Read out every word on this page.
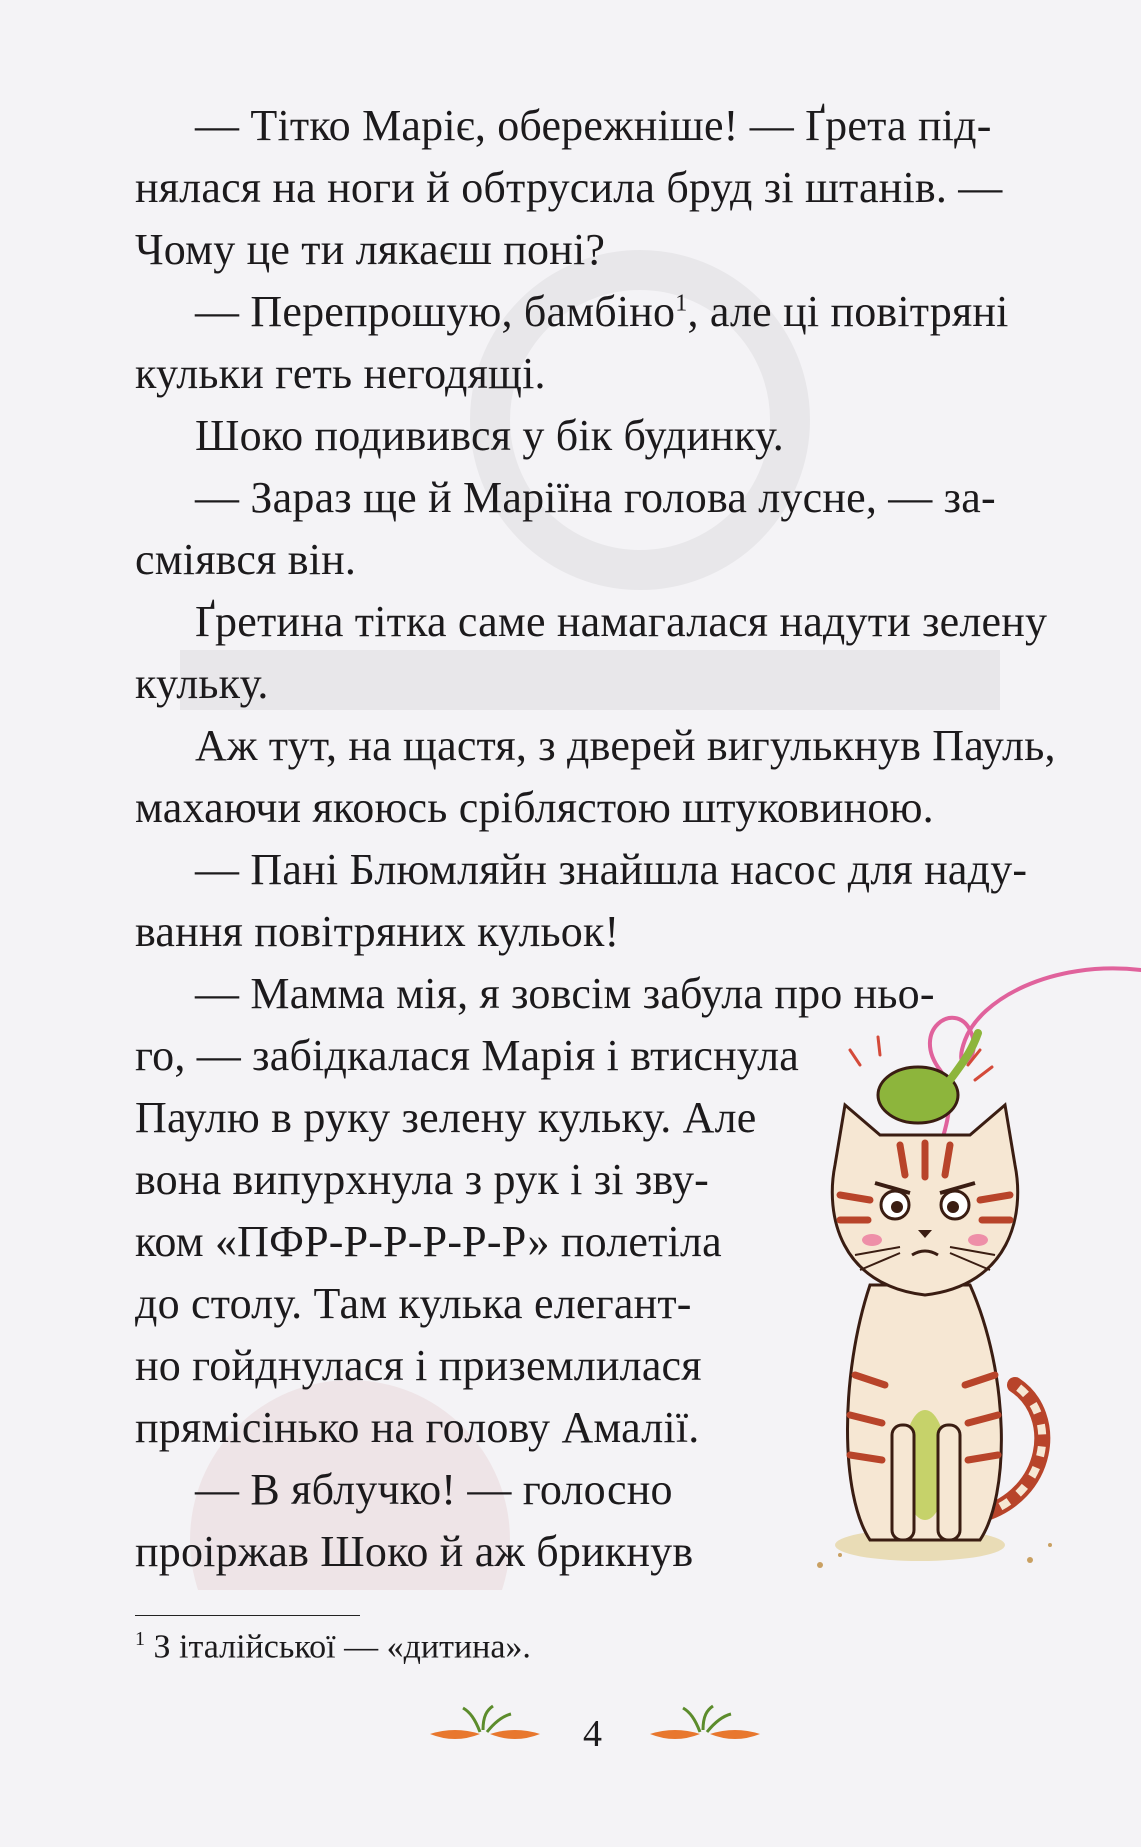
— Тітко Маріє, обережніше! — Ґрета під-
нялася на ноги й обтрусила бруд зі штанів. —
Чому це ти лякаєш поні?
— Перепрошую, бамбіно$^1$, але ці повітряні
кульки геть негодящі.
Шоко подивився у бік будинку.
— Зараз ще й Маріїна голова лусне, — за-
сміявся він.
Ґретина тітка саме намагалася надути зелену
кульку.
Аж тут, на щастя, з дверей вигулькнув Пауль,
махаючи якоюсь сріблястою штуковиною.
— Пані Блюмляйн знайшла насос для наду-
вання повітряних кульок!
— Мамма мія, я зовсім забула про ньо-
го, — забідкалася Марія і втиснула
Паулю в руку зелену кульку. Але
вона випурхнула з рук і зі зву-
ком «ПФР-Р-Р-Р-Р-Р» полетіла
до столу. Там кулька елегант-
но гойднулася і приземлилася
прямісінько на голову Амалії.
— В яблучко! — голосно
проіржав Шоко й аж брикнув
$^1$ З італійської — «дитина».
4
